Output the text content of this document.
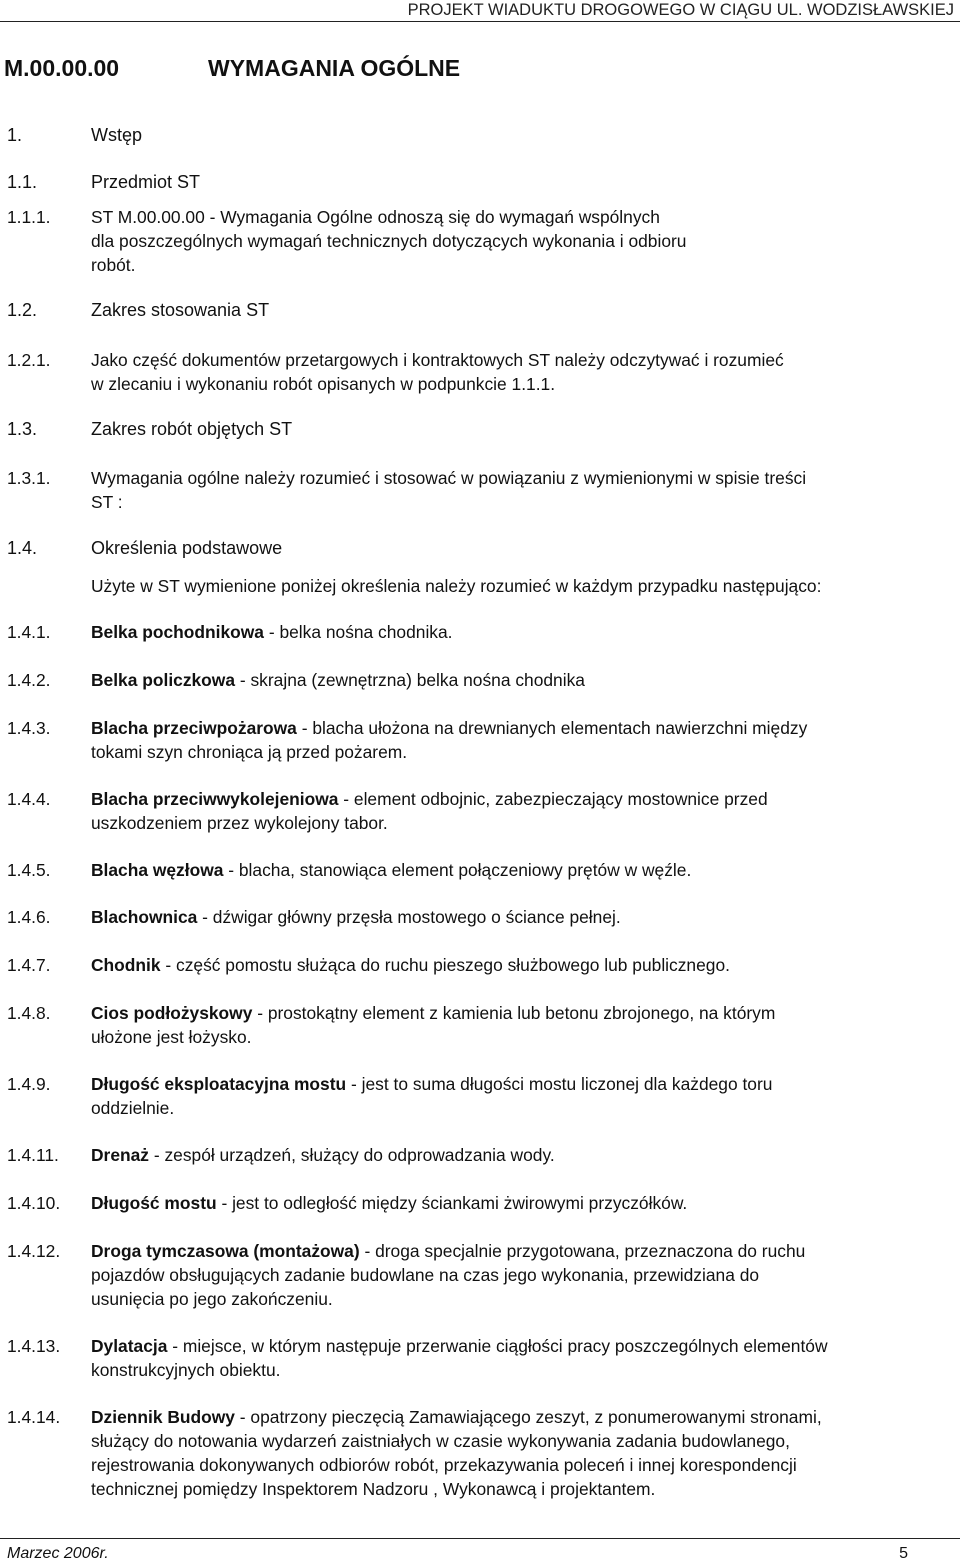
PROJEKT WIADUKTU DROGOWEGO W CIĄGU UL. WODZISŁAWSKIEJ
M.00.00.00	WYMAGANIA OGÓLNE
1.	Wstęp
1.1.	Przedmiot ST
1.1.1. ST M.00.00.00 - Wymagania Ogólne odnoszą się do wymagań wspólnych

dla poszczególnych wymagań technicznych dotyczących wykonania i odbioru

robót.

1.2.	Zakres stosowania ST
1.2.1. Jako część dokumentów przetargowych i kontraktowych ST należy odczytywać i rozumieć

w zlecaniu i wykonaniu robót opisanych w podpunkcie 1.1.1.

1.3.	Zakres robót objętych ST
1.3.1. Wymagania ogólne należy rozumieć i stosować w powiązaniu z wymienionymi w spisie treści

ST :

1.4.	Określenia podstawowe

Użyte w ST wymienione poniżej określenia należy rozumieć w każdym przypadku następująco:

1.4.1. Belka pochodnikowa - belka nośna chodnika.

1.4.2. Belka policzkowa - skrajna (zewnętrzna) belka nośna chodnika

1.4.3. Blacha przeciwpożarowa - blacha ułożona na drewnianych elementach nawierzchni między

tokami szyn chroniąca ją przed pożarem.

1.4.4. Blacha przeciwwykolejeniowa - element odbojnic, zabezpieczający mostownice przed

uszkodzeniem przez wykolejony tabor.

1.4.5. Blacha węzłowa - blacha, stanowiąca element połączeniowy prętów w węźle.

1.4.6. Blachownica - dźwigar główny przęsła mostowego o ściance pełnej.

1.4.7. Chodnik - część pomostu służąca do ruchu pieszego służbowego lub publicznego.

1.4.8. Cios podłożyskowy - prostokątny element z kamienia lub betonu zbrojonego, na którym

ułożone jest łożysko.

1.4.9. Długość eksploatacyjna mostu - jest to suma długości mostu liczonej dla każdego toru

oddzielnie.

1.4.11. Drenaż - zespół urządzeń, służący do odprowadzania wody.

1.4.10. Długość mostu - jest to odległość między ściankami żwirowymi przyczółków.

1.4.12. Droga tymczasowa (montażowa) - droga specjalnie przygotowana, przeznaczona do ruchu

pojazdów obsługujących zadanie budowlane na czas jego wykonania, przewidziana do

usunięcia po jego zakończeniu.

1.4.13. Dylatacja - miejsce, w którym następuje przerwanie ciągłości pracy poszczególnych elementów

konstrukcyjnych obiektu.

1.4.14. Dziennik Budowy - opatrzony pieczęcią Zamawiającego zeszyt, z ponumerowanymi stronami,

służący do notowania wydarzeń zaistniałych w czasie wykonywania zadania budowlanego,

rejestrowania dokonywanych odbiorów robót, przekazywania poleceń i innej korespondencji

technicznej pomiędzy Inspektorem Nadzoru , Wykonawcą i projektantem.

Marzec 2006r.	5
